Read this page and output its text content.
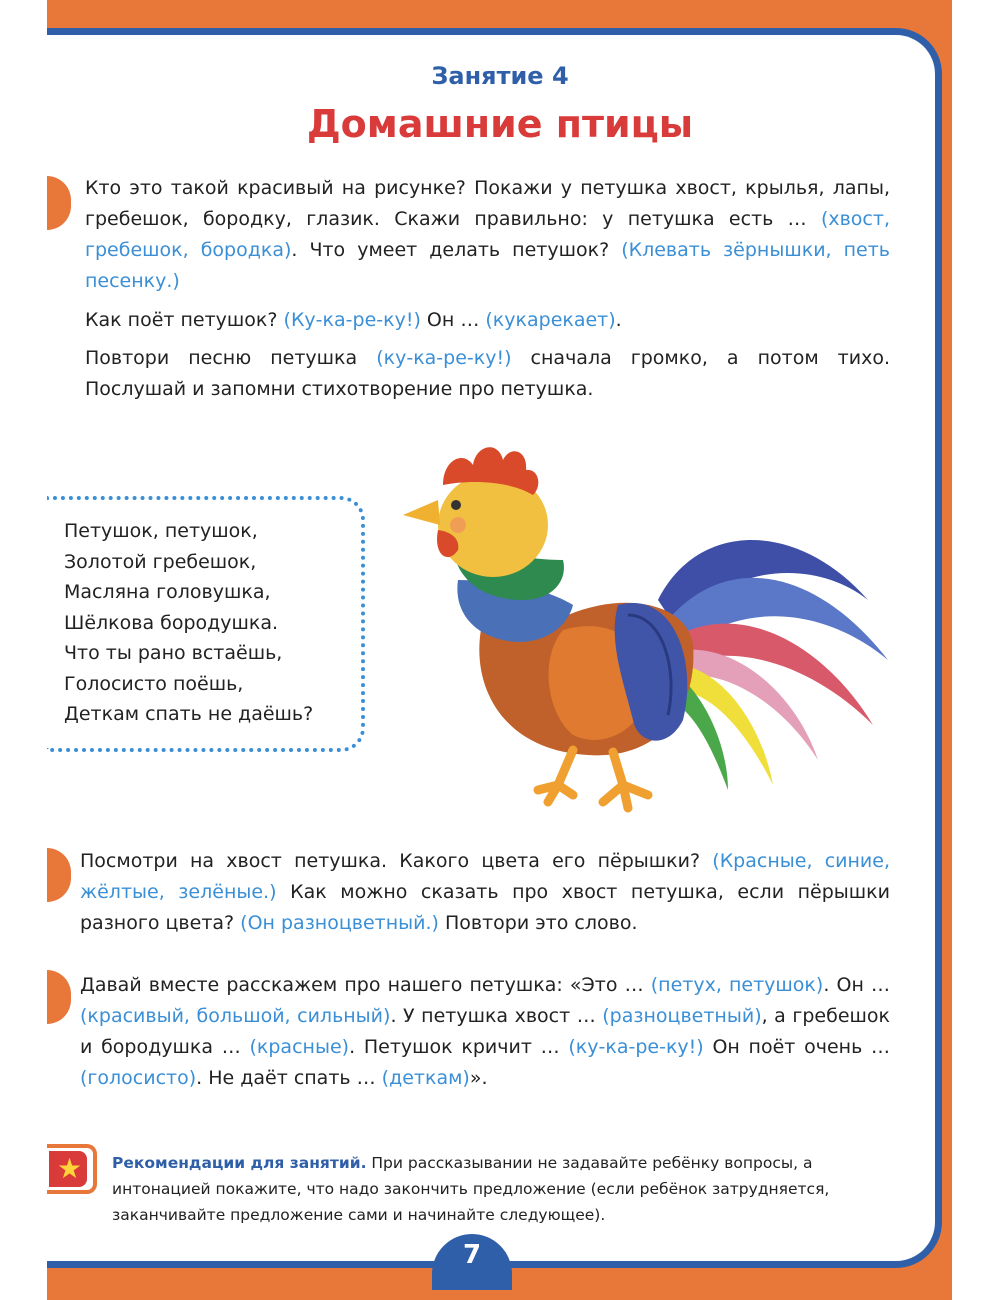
Занятие 4
Домашние птицы
Кто это такой красивый на рисунке? Покажи у петушка хвост, крылья, лапы, гребешок, бородку, глазик. Скажи правильно: у петушка есть … (хвост, гребешок, бородка). Что умеет делать петушок? (Клевать зёрнышки, петь песенку.)
Как поёт петушок? (Ку-ка-ре-ку!) Он … (кукарекает).
Повтори песню петушка (ку-ка-ре-ку!) сначала громко, а потом тихо. Послушай и запомни стихотворение про петушка.
Петушок, петушок,
Золотой гребешок,
Масляна головушка,
Шёлкова бородушка.
Что ты рано встаёшь,
Голосисто поёшь,
Деткам спать не даёшь?
Посмотри на хвост петушка. Какого цвета его пёрышки? (Красные, синие, жёлтые, зелёные.) Как можно сказать про хвост петушка, если пёрышки разного цвета? (Он разноцветный.) Повтори это слово.
Давай вместе расскажем про нашего петушка: «Это … (петух, петушок). Он … (красивый, большой, сильный). У петушка хвост … (разноцветный), а гребешок и бородушка … (красные). Петушок кричит … (ку-ка-ре-ку!) Он поёт очень … (голосисто). Не даёт спать … (деткам)».
★ Рекомендации для занятий. При рассказывании не задавайте ребёнку вопросы, а интонацией покажите, что надо закончить предложение (если ребёнок затрудняется, заканчивайте предложение сами и начинайте следующее).
7
